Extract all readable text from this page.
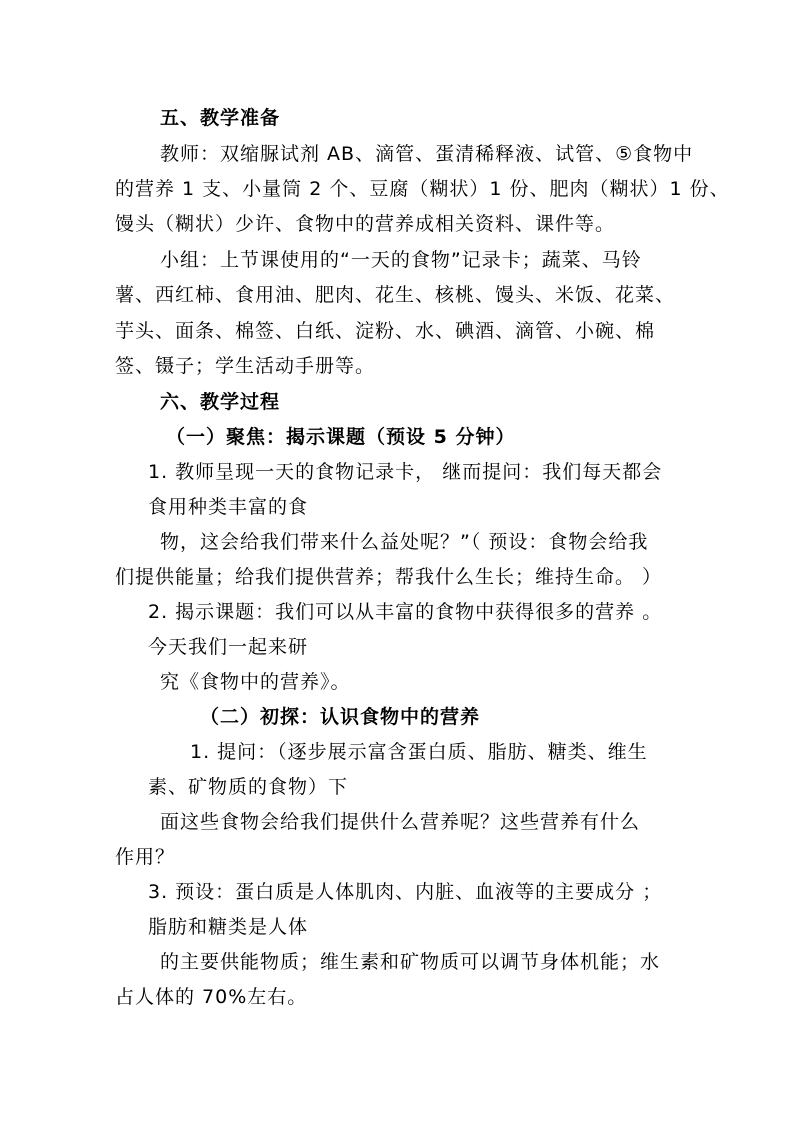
五、教学准备
教师：双缩脲试剂 AB、滴管、蛋清稀释液、试管、⑤食物中
的营养 1 支、小量筒 2 个、豆腐（糊状）1 份、肥肉（糊状）1 份、
馒头（糊状）少许、食物中的营养成相关资料、课件等。
小组：上节课使用的“一天的食物”记录卡；蔬菜、马铃
薯、西红柿、食用油、肥肉、花生、核桃、馒头、米饭、花菜、
芋头、面条、棉签、白纸、淀粉、水、碘酒、滴管、小碗、棉
签、镊子；学生活动手册等。
六、教学过程
（一）聚焦：揭示课题（预设 5 分钟）
1. 教师呈现一天的食物记录卡， 继而提问：我们每天都会
食用种类丰富的食
物，这会给我们带来什么益处呢？”（ 预设：食物会给我
们提供能量；给我们提供营养；帮我什么生长；维持生命。 ）
2. 揭示课题：我们可以从丰富的食物中获得很多的营养 。
今天我们一起来研
究《食物中的营养》。
（二）初探：认识食物中的营养
1. 提问：（逐步展示富含蛋白质、脂肪、糖类、维生
素、矿物质的食物）下
面这些食物会给我们提供什么营养呢？这些营养有什么
作用？
3. 预设：蛋白质是人体肌肉、内脏、血液等的主要成分 ；
脂肪和糖类是人体
的主要供能物质；维生素和矿物质可以调节身体机能；水
占人体的 70%左右。
